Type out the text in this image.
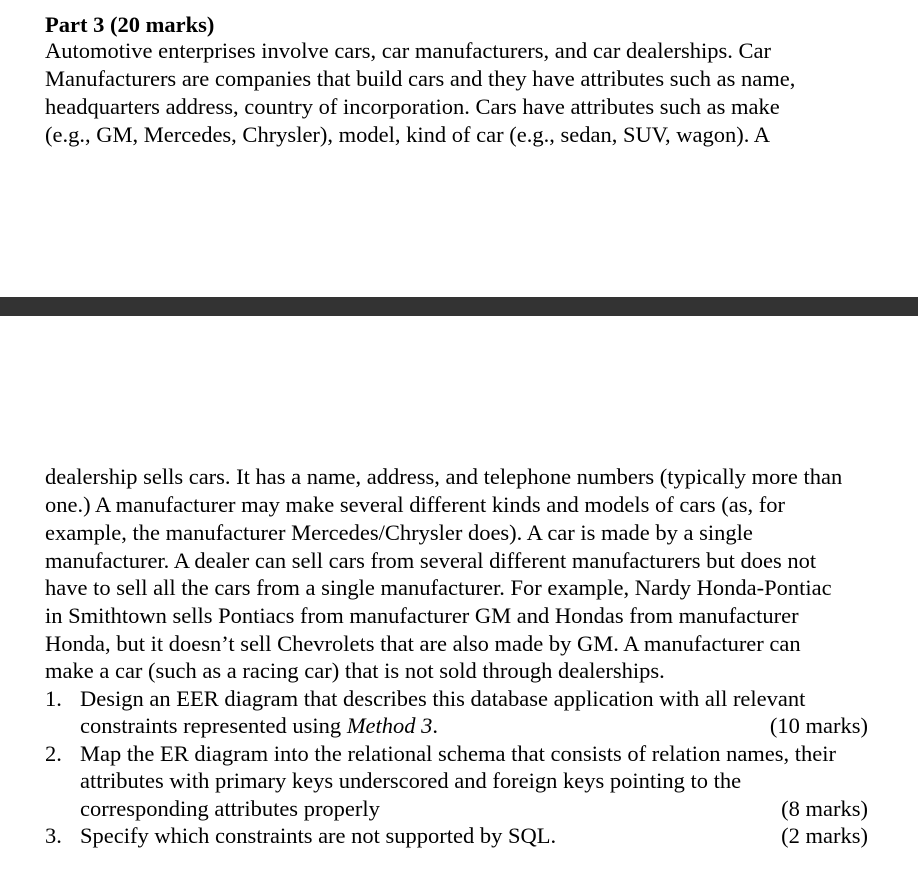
Part 3 (20 marks)
Automotive enterprises involve cars, car manufacturers, and car dealerships. Car
Manufacturers are companies that build cars and they have attributes such as name,
headquarters address, country of incorporation. Cars have attributes such as make
(e.g., GM, Mercedes, Chrysler), model, kind of car (e.g., sedan, SUV, wagon). A
dealership sells cars. It has a name, address, and telephone numbers (typically more than
one.) A manufacturer may make several different kinds and models of cars (as, for
example, the manufacturer Mercedes/Chrysler does). A car is made by a single
manufacturer. A dealer can sell cars from several different manufacturers but does not
have to sell all the cars from a single manufacturer. For example, Nardy Honda-Pontiac
in Smithtown sells Pontiacs from manufacturer GM and Hondas from manufacturer
Honda, but it doesn’t sell Chevrolets that are also made by GM. A manufacturer can
make a car (such as a racing car) that is not sold through dealerships.
1. Design an EER diagram that describes this database application with all relevant
constraints represented using Method 3.	(10 marks)
2. Map the ER diagram into the relational schema that consists of relation names, their
attributes with primary keys underscored and foreign keys pointing to the
corresponding attributes properly	(8 marks)
3. Specify which constraints are not supported by SQL.	(2 marks)
